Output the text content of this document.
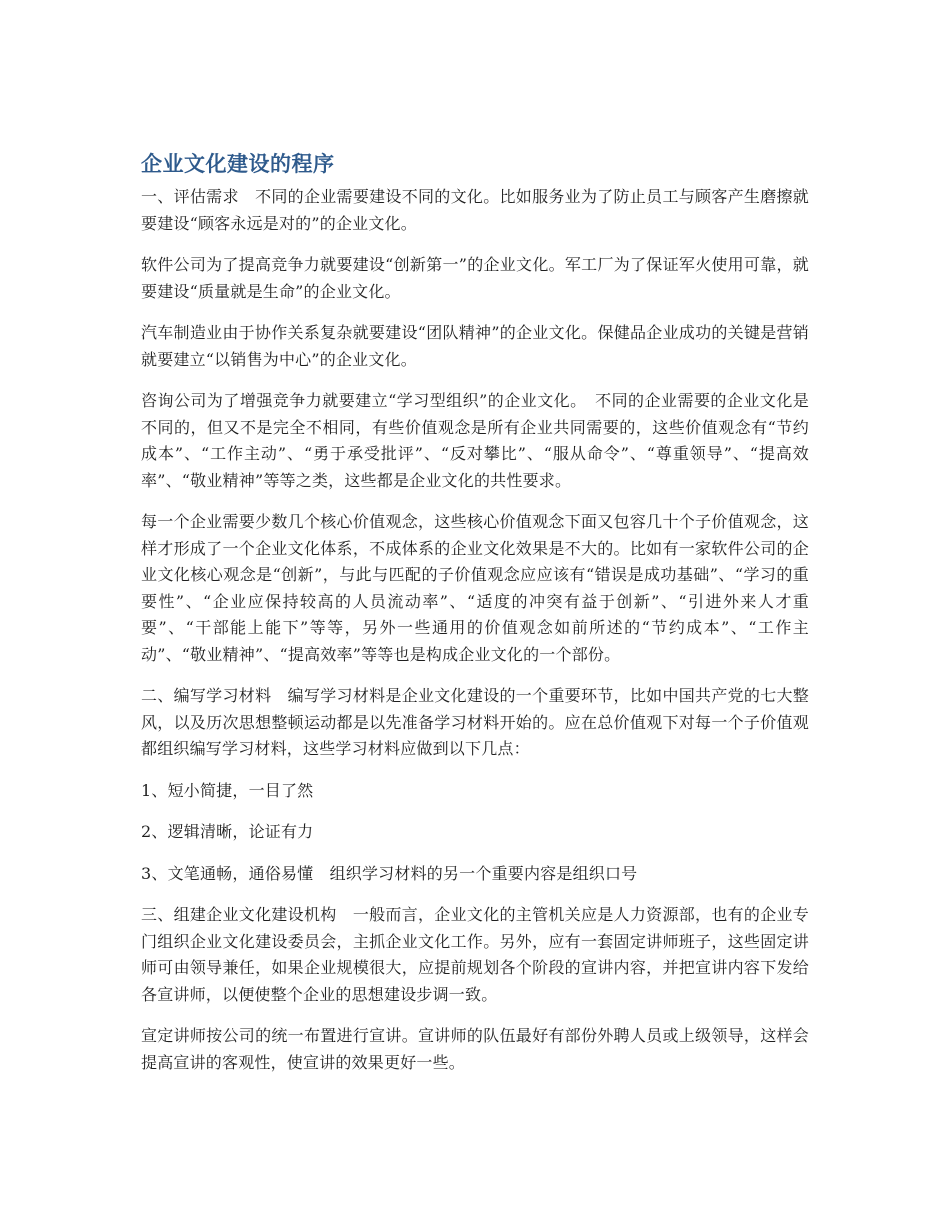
企业文化建设的程序

一、评估需求　不同的企业需要建设不同的文化。比如服务业为了防止员工与顾客产生磨擦就要建设“顾客永远是对的”的企业文化。

软件公司为了提高竞争力就要建设“创新第一”的企业文化。军工厂为了保证军火使用可靠，就要建设“质量就是生命”的企业文化。

汽车制造业由于协作关系复杂就要建设“团队精神”的企业文化。保健品企业成功的关键是营销就要建立“以销售为中心”的企业文化。

咨询公司为了增强竞争力就要建立“学习型组织”的企业文化。　不同的企业需要的企业文化是不同的，但又不是完全不相同，有些价值观念是所有企业共同需要的，这些价值观念有“节约成本”、“工作主动”、“勇于承受批评”、“反对攀比”、“服从命令”、“尊重领导”、“提高效率”、“敬业精神”等等之类，这些都是企业文化的共性要求。

每一个企业需要少数几个核心价值观念，这些核心价值观念下面又包容几十个子价值观念，这样才形成了一个企业文化体系，不成体系的企业文化效果是不大的。比如有一家软件公司的企业文化核心观念是“创新”，与此与匹配的子价值观念应应该有“错误是成功基础”、“学习的重要性”、“企业应保持较高的人员流动率”、“适度的冲突有益于创新”、“引进外来人才重要”、“干部能上能下”等等，另外一些通用的价值观念如前所述的“节约成本”、“工作主动”、“敬业精神”、“提高效率”等等也是构成企业文化的一个部份。

二、编写学习材料　编写学习材料是企业文化建设的一个重要环节，比如中国共产党的七大整风，以及历次思想整顿运动都是以先准备学习材料开始的。应在总价值观下对每一个子价值观都组织编写学习材料，这些学习材料应做到以下几点：

1、短小简捷，一目了然

2、逻辑清晰，论证有力

3、文笔通畅，通俗易懂　组织学习材料的另一个重要内容是组织口号

三、组建企业文化建设机构　一般而言，企业文化的主管机关应是人力资源部，也有的企业专门组织企业文化建设委员会，主抓企业文化工作。另外，应有一套固定讲师班子，这些固定讲师可由领导兼任，如果企业规模很大，应提前规划各个阶段的宣讲内容，并把宣讲内容下发给各宣讲师，以便使整个企业的思想建设步调一致。

宣定讲师按公司的统一布置进行宣讲。宣讲师的队伍最好有部份外聘人员或上级领导，这样会提高宣讲的客观性，使宣讲的效果更好一些。
